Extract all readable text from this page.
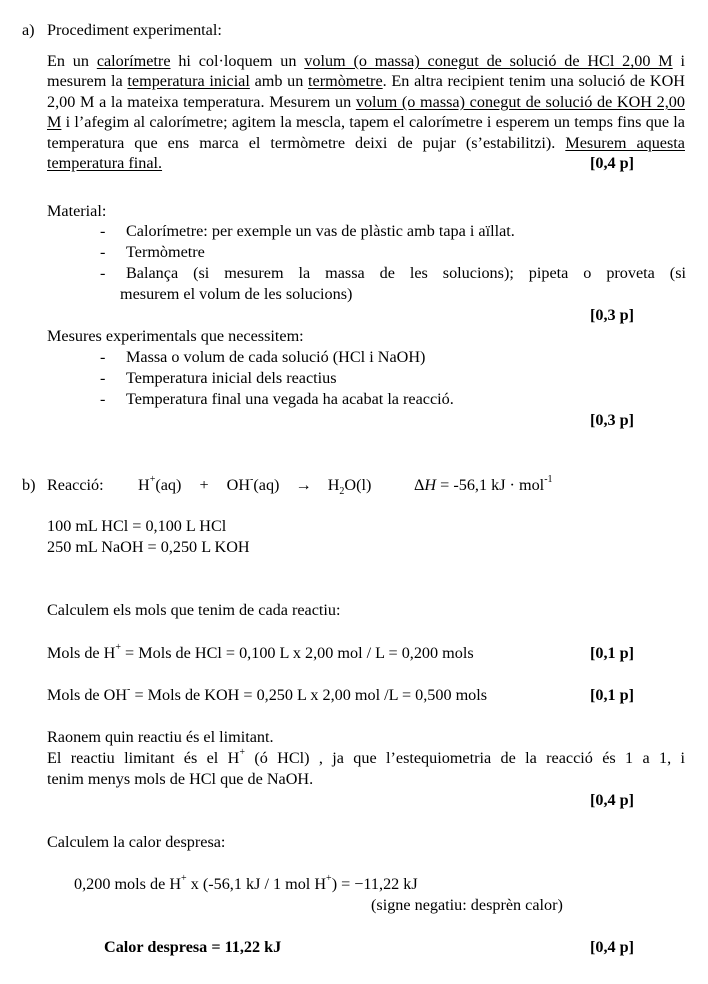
a) Procediment experimental:
En un calorímetre hi col·loquem un volum (o massa) conegut de solució de HCl 2,00 M i mesurem la temperatura inicial amb un termòmetre. En altra recipient tenim una solució de KOH 2,00 M a la mateixa temperatura. Mesurem un volum (o massa) conegut de solució de KOH 2,00 M i l’afegim al calorímetre; agitem la mescla, tapem el calorímetre i esperem un temps fins que la temperatura que ens marca el termòmetre deixi de pujar (s’estabilitzi). Mesurem aquesta temperatura final.	[0,4 p]
Material:
- Calorímetre: per exemple un vas de plàstic amb tapa i aïllat.
- Termòmetre
- Balança (si mesurem la massa de les solucions); pipeta o proveta (si
mesurem el volum de les solucions)
[0,3 p]
Mesures experimentals que necessitem:
- Massa o volum de cada solució (HCl i NaOH)
- Temperatura inicial dels reactius
- Temperatura final una vegada ha acabat la reacció.
[0,3 p]
b) Reacció: $H^+(aq) + OH^-(aq) \to H_2O(l)$	ΔH = -56,1 kJ · mol$^{-1}$
100 mL HCl = 0,100 L HCl
250 mL NaOH = 0,250 L KOH
Calculem els mols que tenim de cada reactiu:
Mols de H+ = Mols de HCl = 0,100 L x 2,00 mol / L = 0,200 mols	[0,1 p]
Mols de OH- = Mols de KOH = 0,250 L x 2,00 mol /L = 0,500 mols	[0,1 p]
Raonem quin reactiu és el limitant.
El reactiu limitant és el H+ (ó HCl) , ja que l’estequiometria de la reacció és 1 a 1, i
tenim menys mols de HCl que de NaOH.
[0,4 p]
Calculem la calor despresa:
0,200 mols de H+ x (-56,1 kJ / 1 mol H+) = −11,22 kJ
(signe negatiu: desprèn calor)
Calor despresa = 11,22 kJ	[0,4 p]
